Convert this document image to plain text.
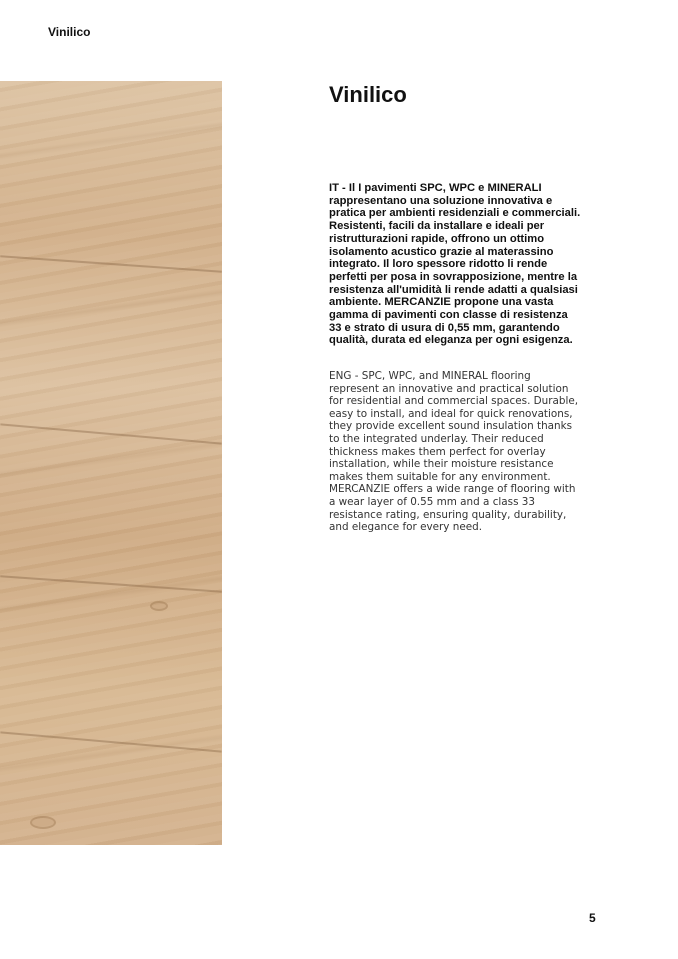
Vinilico
Vinilico

IT - Il I pavimenti SPC, WPC e MINERALI rappresentano una soluzione innovativa e pratica per ambienti residenziali e commerciali. Resistenti, facili da installare e ideali per ristrutturazioni rapide, offrono un ottimo isolamento acustico grazie al materassino integrato. Il loro spessore ridotto li rende perfetti per posa in sovrapposizione, mentre la resistenza all'umidità li rende adatti a qualsiasi ambiente. MERCANZIE propone una vasta gamma di pavimenti con classe di resistenza 33 e strato di usura di 0,55 mm, garantendo qualità, durata ed eleganza per ogni esigenza.

ENG - SPC, WPC, and MINERAL flooring represent an innovative and practical solution for residential and commercial spaces. Durable, easy to install, and ideal for quick renovations, they provide excellent sound insulation thanks to the integrated underlay. Their reduced thickness makes them perfect for overlay installation, while their moisture resistance makes them suitable for any environment. MERCANZIE offers a wide range of flooring with a wear layer of 0.55 mm and a class 33 resistance rating, ensuring quality, durability, and elegance for every need.

5
